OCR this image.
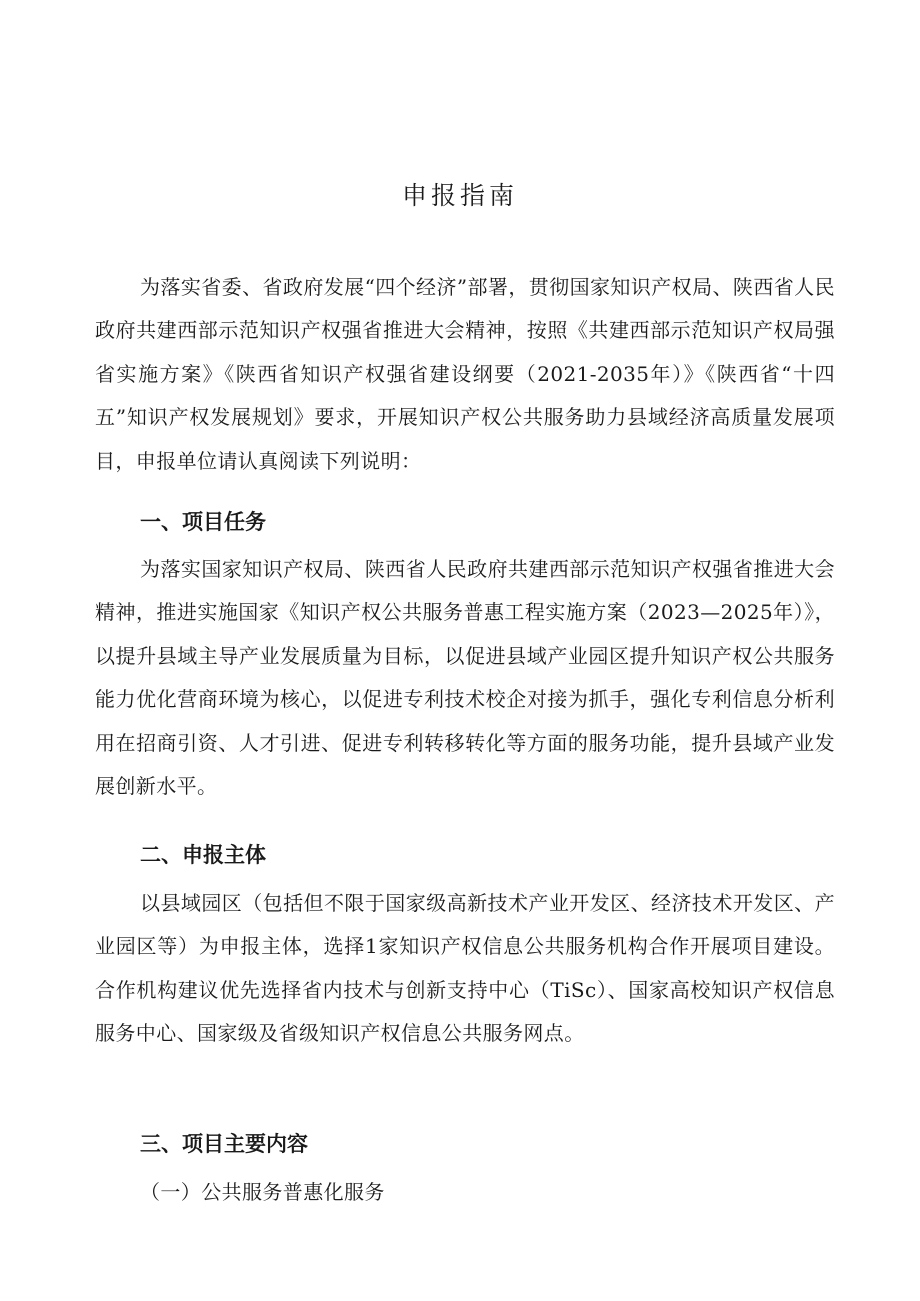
申报指南
为落实省委、省政府发展“四个经济”部署，贯彻国家知识产权局、陕西省人民政府共建西部示范知识产权强省推进大会精神，按照《共建西部示范知识产权局强省实施方案》《陕西省知识产权强省建设纲要（2021-2035年）》《陕西省“十四五”知识产权发展规划》要求，开展知识产权公共服务助力县域经济高质量发展项目，申报单位请认真阅读下列说明：
一、项目任务
为落实国家知识产权局、陕西省人民政府共建西部示范知识产权强省推进大会精神，推进实施国家《知识产权公共服务普惠工程实施方案（2023—2025年）》，以提升县域主导产业发展质量为目标，以促进县域产业园区提升知识产权公共服务能力优化营商环境为核心，以促进专利技术校企对接为抓手，强化专利信息分析利用在招商引资、人才引进、促进专利转移转化等方面的服务功能，提升县域产业发展创新水平。
二、申报主体
以县域园区（包括但不限于国家级高新技术产业开发区、经济技术开发区、产业园区等）为申报主体，选择1家知识产权信息公共服务机构合作开展项目建设。合作机构建议优先选择省内技术与创新支持中心（TiSc）、国家高校知识产权信息服务中心、国家级及省级知识产权信息公共服务网点。
三、项目主要内容
（一）公共服务普惠化服务
